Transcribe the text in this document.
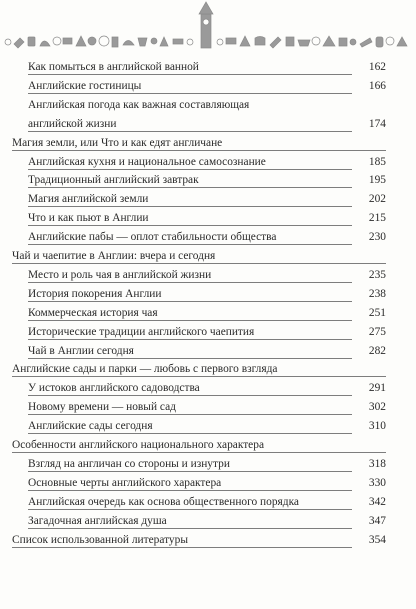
Как помыться в английской ванной	162
Английские гостиницы	166
Английская погода как важная составляющая
английской жизни	174
Магия земли, или Что и как едят англичане
Английская кухня и национальное самосознание	185
Традиционный английский завтрак	195
Магия английской земли	202
Что и как пьют в Англии	215
Английские пабы — оплот стабильности общества	230
Чай и чаепитие в Англии: вчера и сегодня
Место и роль чая в английской жизни	235
История покорения Англии	238
Коммерческая история чая	251
Исторические традиции английского чаепития	275
Чай в Англии сегодня	282
Английские сады и парки — любовь с первого взгляда
У истоков английского садоводства	291
Новому времени — новый сад	302
Английские сады сегодня	310
Особенности английского национального характера
Взгляд на англичан со стороны и изнутри	318
Основные черты английского характера	330
Английская очередь как основа общественного порядка	342
Загадочная английская душа	347
Список использованной литературы	354
